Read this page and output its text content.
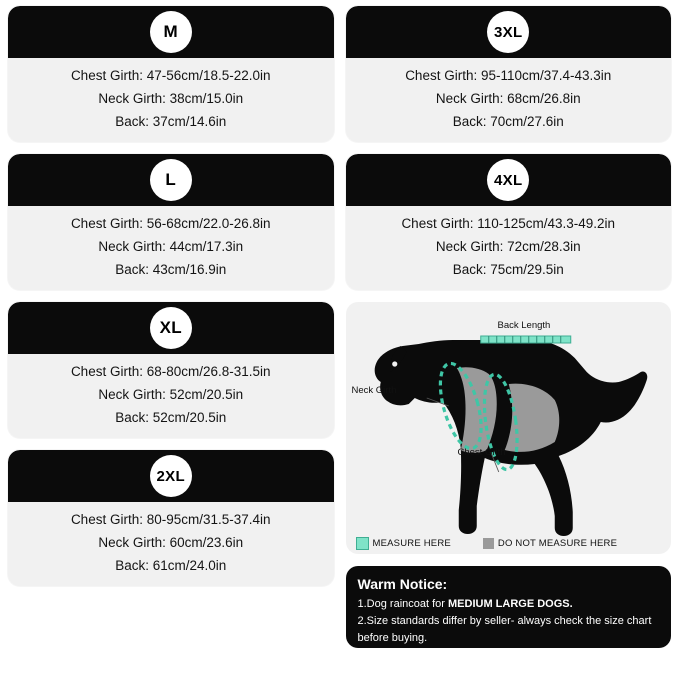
M
Chest Girth: 47-56cm/18.5-22.0in
Neck Girth: 38cm/15.0in
Back: 37cm/14.6in
L
Chest Girth: 56-68cm/22.0-26.8in
Neck Girth: 44cm/17.3in
Back: 43cm/16.9in
XL
Chest Girth: 68-80cm/26.8-31.5in
Neck Girth: 52cm/20.5in
Back: 52cm/20.5in
2XL
Chest Girth: 80-95cm/31.5-37.4in
Neck Girth: 60cm/23.6in
Back: 61cm/24.0in
3XL
Chest Girth: 95-110cm/37.4-43.3in
Neck Girth: 68cm/26.8in
Back: 70cm/27.6in
4XL
Chest Girth: 110-125cm/43.3-49.2in
Neck Girth: 72cm/28.3in
Back: 75cm/29.5in
Back Length
Neck Girth
Chest Grith
MEASURE HERE	DO NOT MEASURE HERE
Warm Notice:
1.Dog raincoat for MEDIUM LARGE DOGS.
2.Size standards differ by seller- always check the size chart
before buying.
